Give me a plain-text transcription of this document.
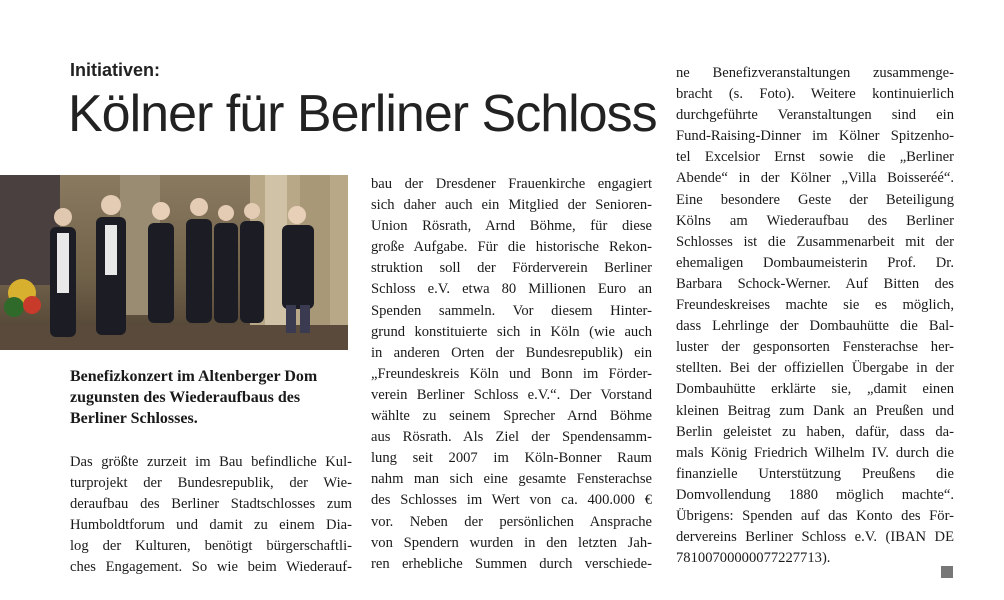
Initiativen:
Kölner für Berliner Schloss
Benefizkonzert im Altenberger Dom
zugunsten des Wiederaufbaus des
Berliner Schlosses.
Das größte zurzeit im Bau befindliche Kul-
turprojekt der Bundesrepublik, der Wie-
deraufbau des Berliner Stadtschlosses zum
Humboldtforum und damit zu einem Dia-
log der Kulturen, benötigt bürgerschaftli-
ches Engagement. So wie beim Wiederauf-
bau der Dresdener Frauenkirche engagiert
sich daher auch ein Mitglied der Senioren-
Union Rösrath, Arnd Böhme, für diese
große Aufgabe. Für die historische Rekon-
struktion soll der Förderverein Berliner
Schloss e.V. etwa 80 Millionen Euro an
Spenden sammeln. Vor diesem Hinter-
grund konstituierte sich in Köln (wie auch
in anderen Orten der Bundesrepublik) ein
„Freundeskreis Köln und Bonn im Förder-
verein Berliner Schloss e.V.“. Der Vorstand
wählte zu seinem Sprecher Arnd Böhme
aus Rösrath. Als Ziel der Spendensamm-
lung seit 2007 im Köln-Bonner Raum
nahm man sich eine gesamte Fensterachse
des Schlosses im Wert von ca. 400.000 €
vor. Neben der persönlichen Ansprache
von Spendern wurden in den letzten Jah-
ren erhebliche Summen durch verschiede-
ne Benefizveranstaltungen zusammenge-
bracht (s. Foto). Weitere kontinuierlich
durchgeführte Veranstaltungen sind ein
Fund-Raising-Dinner im Kölner Spitzenho-
tel Excelsior Ernst sowie die „Berliner
Abende“ in der Kölner „Villa Boisseréé“.
Eine besondere Geste der Beteiligung
Kölns am Wiederaufbau des Berliner
Schlosses ist die Zusammenarbeit mit der
ehemaligen Dombaumeisterin Prof. Dr.
Barbara Schock-Werner. Auf Bitten des
Freundeskreises machte sie es möglich,
dass Lehrlinge der Dombauhütte die Bal-
luster der gesponsorten Fensterachse her-
stellten. Bei der offiziellen Übergabe in der
Dombauhütte erklärte sie, „damit einen
kleinen Beitrag zum Dank an Preußen und
Berlin geleistet zu haben, dafür, dass da-
mals König Friedrich Wilhelm IV. durch die
finanzielle Unterstützung Preußens die
Domvollendung 1880 möglich machte“.
Übrigens: Spenden auf das Konto des För-
dervereins Berliner Schloss e.V. (IBAN DE
78100700000077227713).
